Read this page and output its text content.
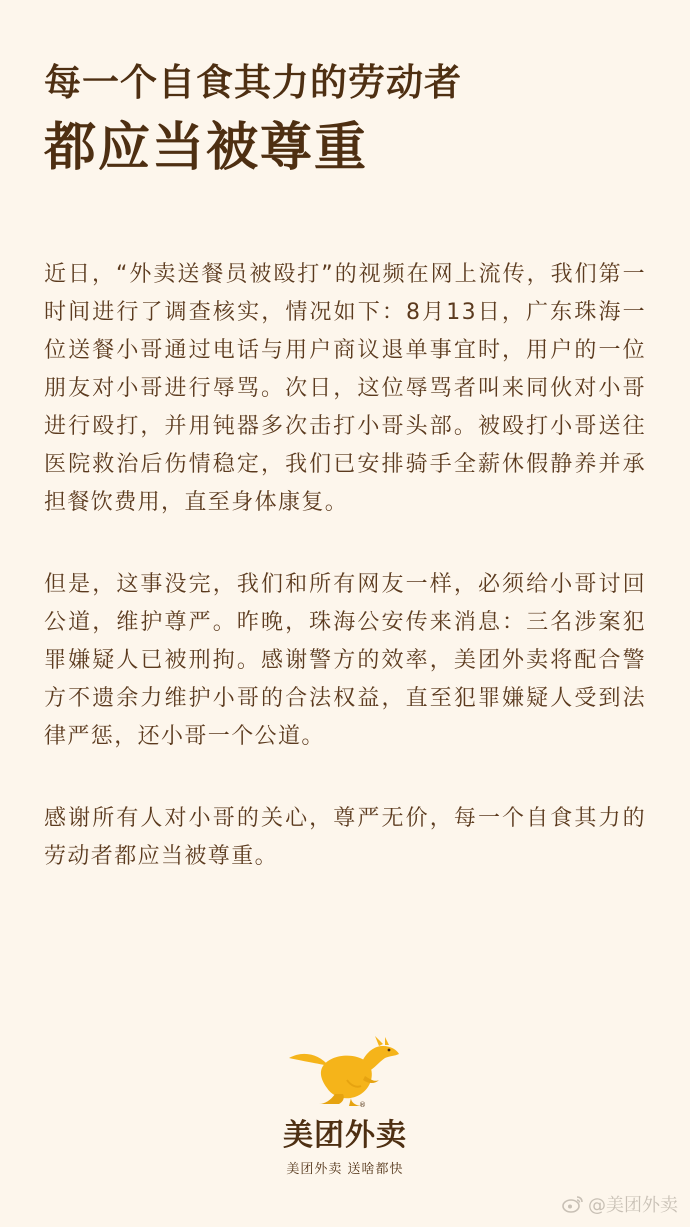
每一个自食其力的劳动者
都应当被尊重

近日，“外卖送餐员被殴打”的视频在网上流传，我们第一时间进行了调查核实，情况如下：8月13日，广东珠海一位送餐小哥通过电话与用户商议退单事宜时，用户的一位朋友对小哥进行辱骂。次日，这位辱骂者叫来同伙对小哥进行殴打，并用钝器多次击打小哥头部。被殴打小哥送往医院救治后伤情稳定，我们已安排骑手全薪休假静养并承担餐饮费用，直至身体康复。

但是，这事没完，我们和所有网友一样，必须给小哥讨回公道，维护尊严。昨晚，珠海公安传来消息：三名涉案犯罪嫌疑人已被刑拘。感谢警方的效率，美团外卖将配合警方不遗余力维护小哥的合法权益，直至犯罪嫌疑人受到法律严惩，还小哥一个公道。

感谢所有人对小哥的关心，尊严无价，每一个自食其力的劳动者都应当被尊重。

®
美团外卖
美团外卖 送啥都快
@美团外卖
